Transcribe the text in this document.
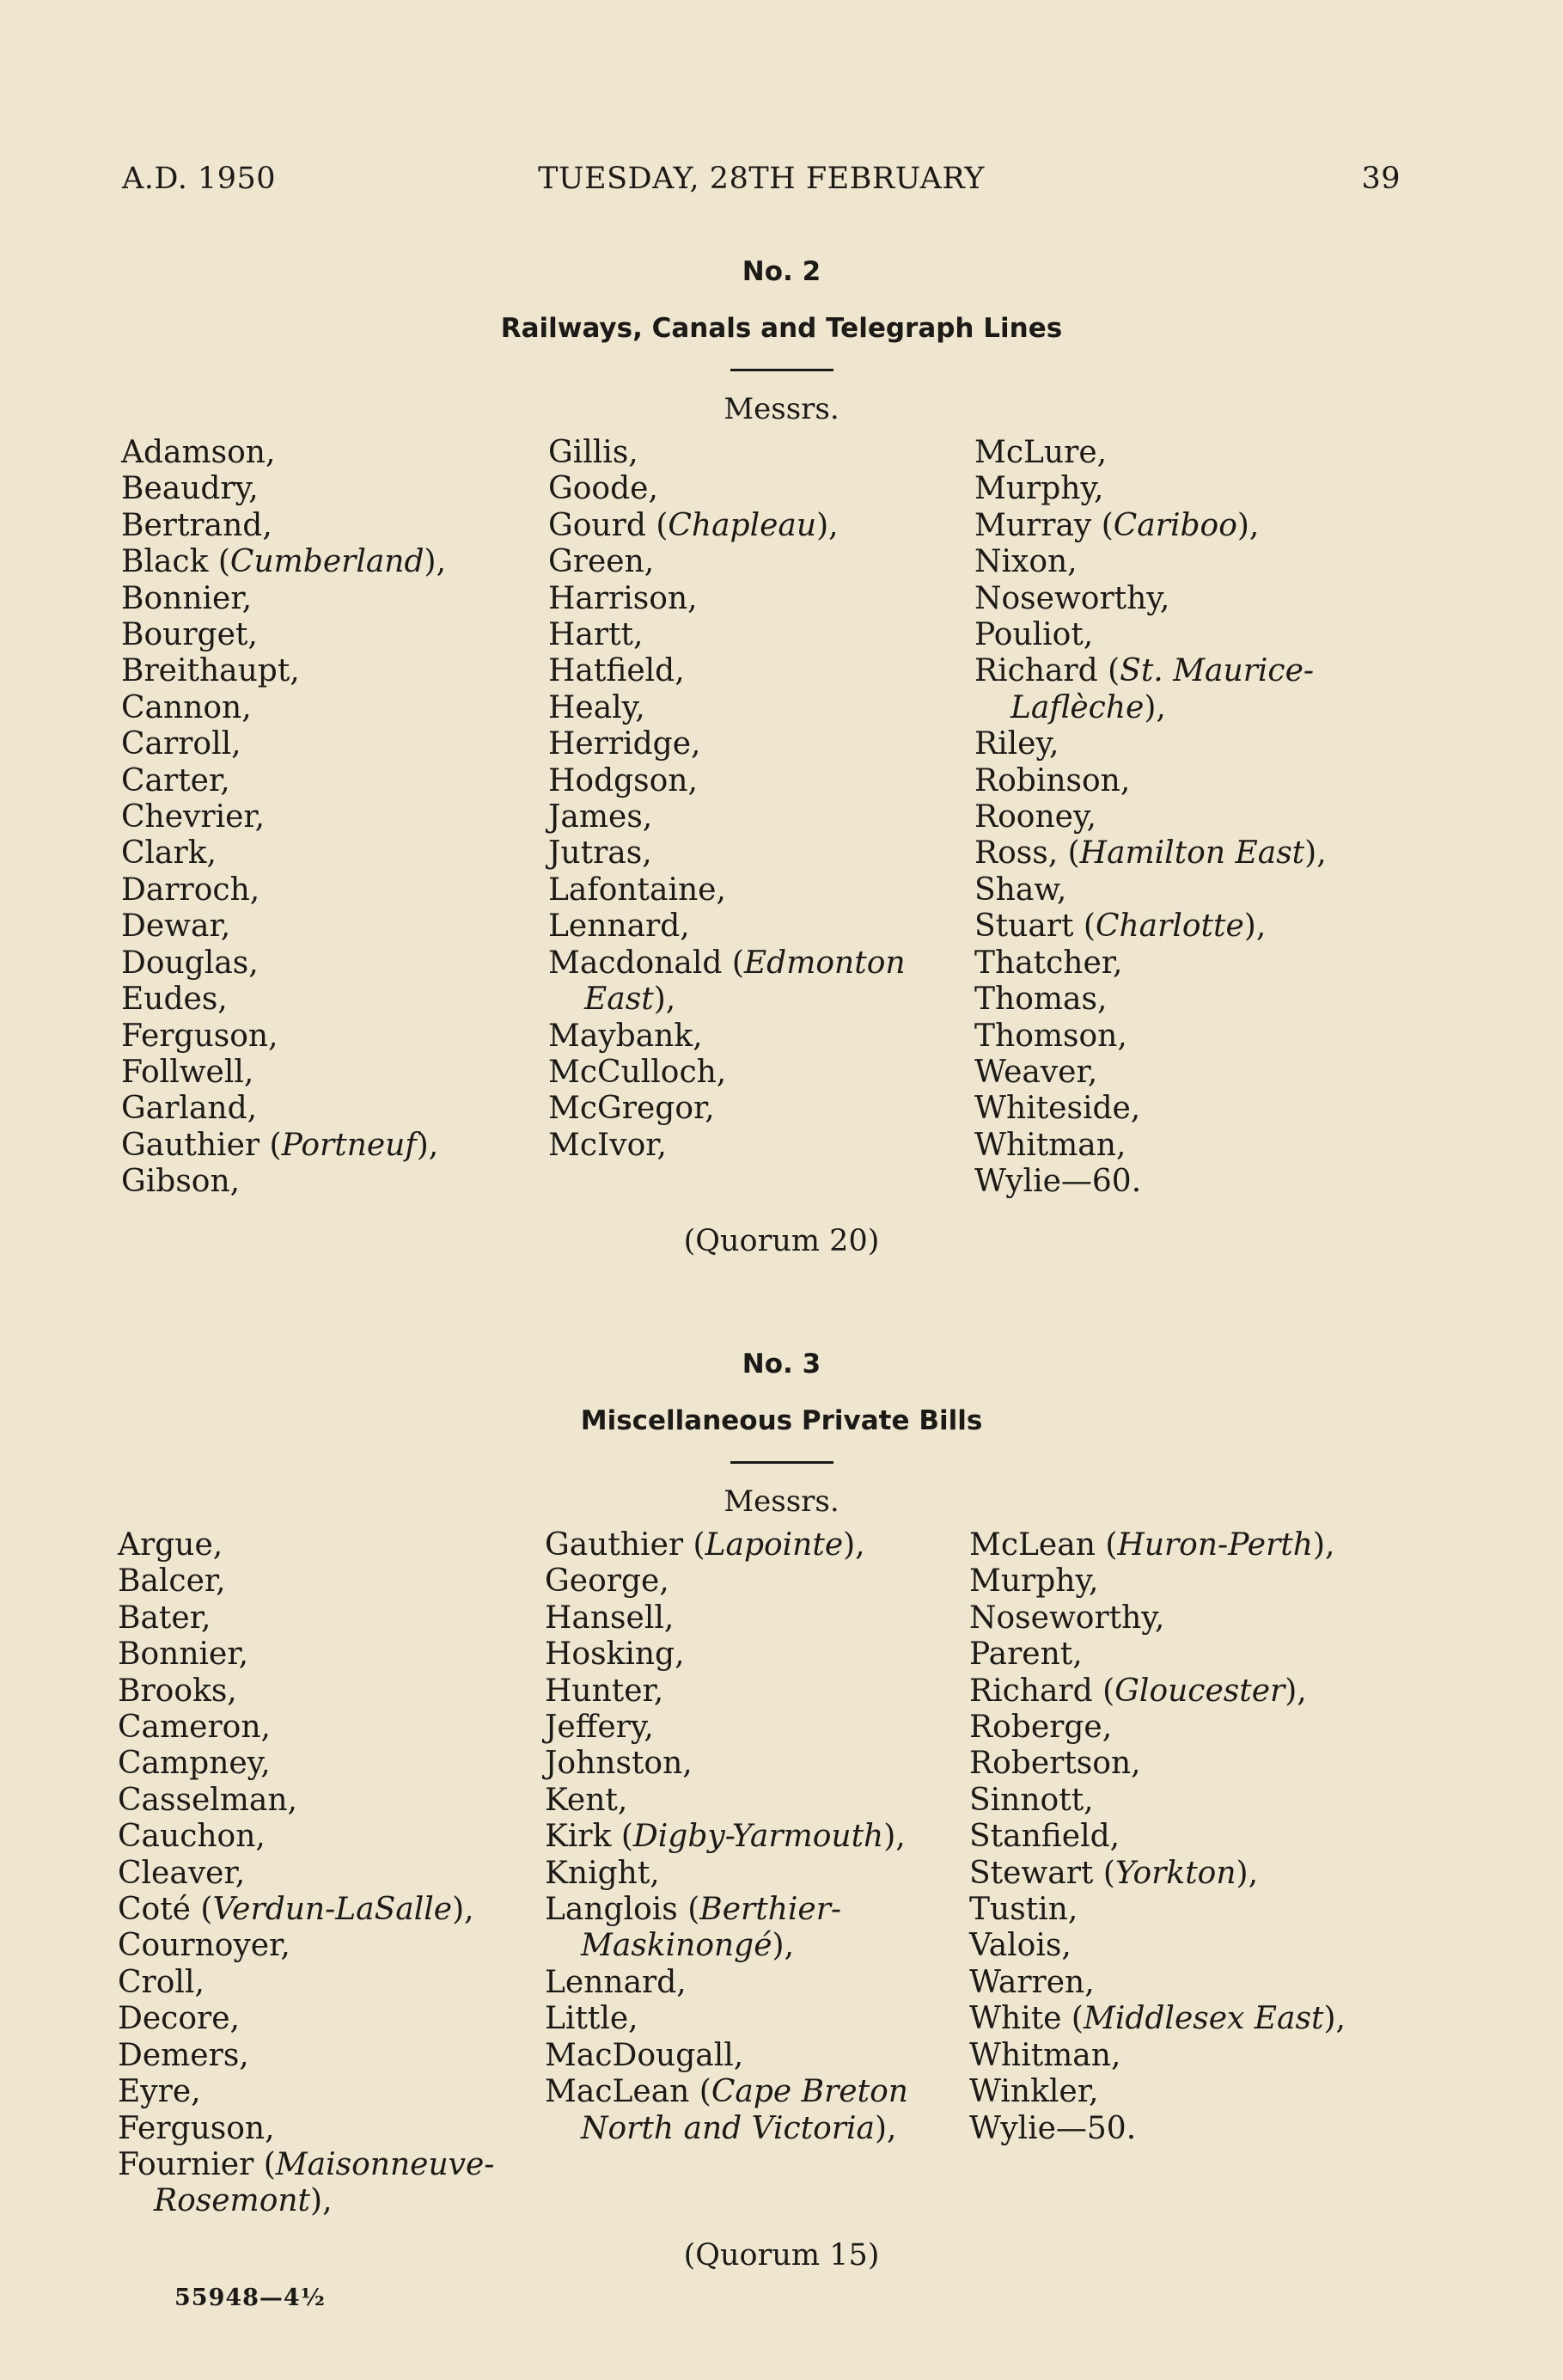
A.D. 1950	TUESDAY, 28TH FEBRUARY	39
No. 2
Railways, Canals and Telegraph Lines
Messrs.
Adamson,
Beaudry,
Bertrand,
Black (Cumberland),
Bonnier,
Bourget,
Breithaupt,
Cannon,
Carroll,
Carter,
Chevrier,
Clark,
Darroch,
Dewar,
Douglas,
Eudes,
Ferguson,
Follwell,
Garland,
Gauthier (Portneuf),
Gibson,
Gillis,
Goode,
Gourd (Chapleau),
Green,
Harrison,
Hartt,
Hatfield,
Healy,
Herridge,
Hodgson,
James,
Jutras,
Lafontaine,
Lennard,
Macdonald (Edmonton
East),
Maybank,
McCulloch,
McGregor,
McIvor,
McLure,
Murphy,
Murray (Cariboo),
Nixon,
Noseworthy,
Pouliot,
Richard (St. Maurice-
Laflèche),
Riley,
Robinson,
Rooney,
Ross, (Hamilton East),
Shaw,
Stuart (Charlotte),
Thatcher,
Thomas,
Thomson,
Weaver,
Whiteside,
Whitman,
Wylie—60.
(Quorum 20)
No. 3
Miscellaneous Private Bills
Messrs.
Argue,
Balcer,
Bater,
Bonnier,
Brooks,
Cameron,
Campney,
Casselman,
Cauchon,
Cleaver,
Coté (Verdun-LaSalle),
Cournoyer,
Croll,
Decore,
Demers,
Eyre,
Ferguson,
Fournier (Maisonneuve-
Rosemont),
Gauthier (Lapointe),
George,
Hansell,
Hosking,
Hunter,
Jeffery,
Johnston,
Kent,
Kirk (Digby-Yarmouth),
Knight,
Langlois (Berthier-
Maskinongé),
Lennard,
Little,
MacDougall,
MacLean (Cape Breton
North and Victoria),
McLean (Huron-Perth),
Murphy,
Noseworthy,
Parent,
Richard (Gloucester),
Roberge,
Robertson,
Sinnott,
Stanfield,
Stewart (Yorkton),
Tustin,
Valois,
Warren,
White (Middlesex East),
Whitman,
Winkler,
Wylie—50.
(Quorum 15)
55948—4½
